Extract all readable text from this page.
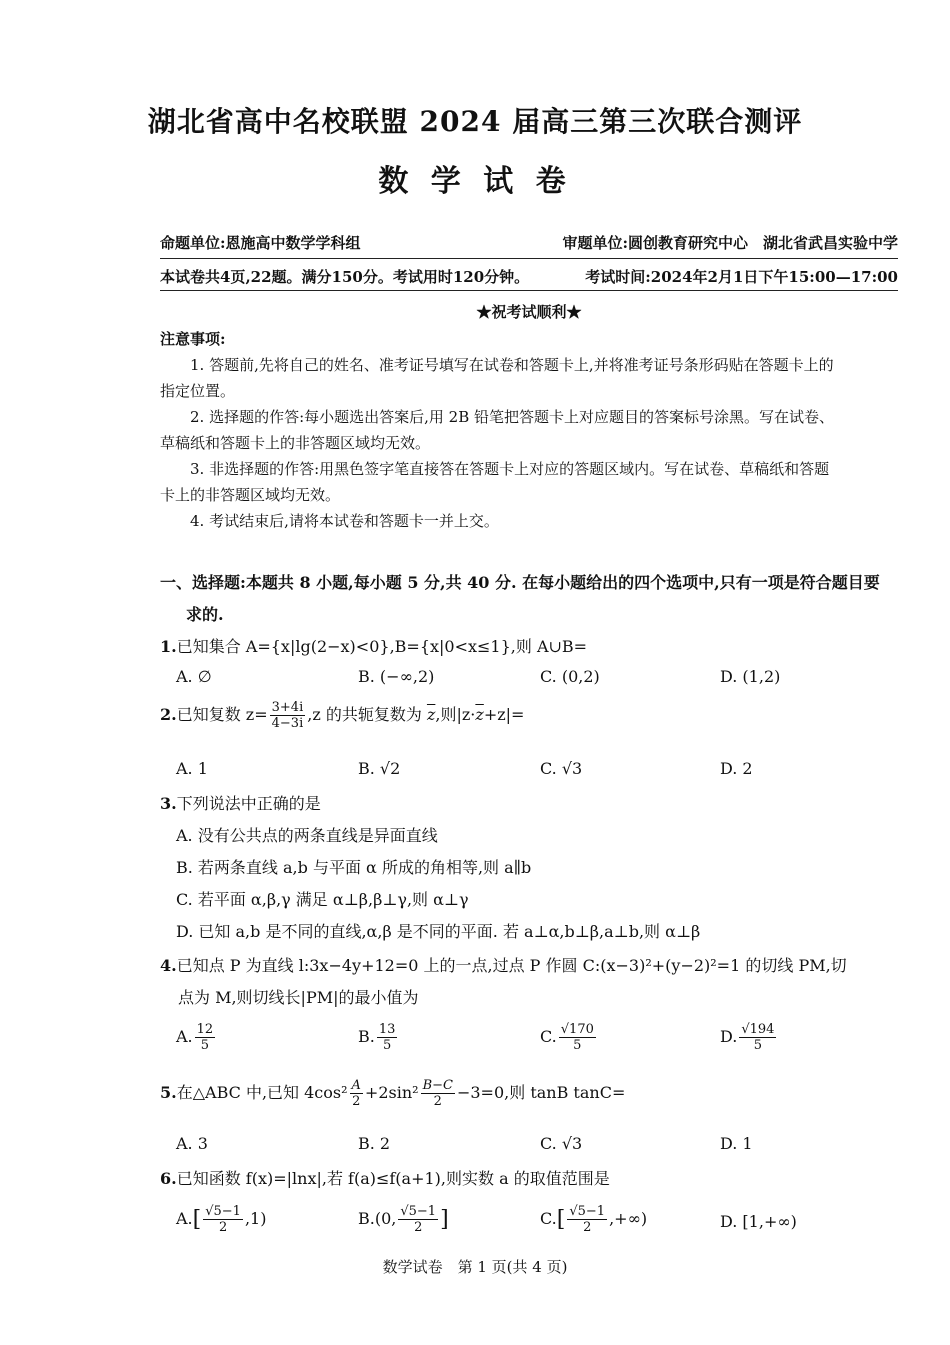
湖北省高中名校联盟 2024 届高三第三次联合测评
数 学 试 卷
命题单位:恩施高中数学学科组	审题单位:圆创教育研究中心　湖北省武昌实验中学
本试卷共4页,22题。满分150分。考试用时120分钟。	考试时间:2024年2月1日下午15:00—17:00
★祝考试顺利★
注意事项:
1. 答题前,先将自己的姓名、准考证号填写在试卷和答题卡上,并将准考证号条形码贴在答题卡上的
指定位置。
2. 选择题的作答:每小题选出答案后,用 2B 铅笔把答题卡上对应题目的答案标号涂黑。写在试卷、
草稿纸和答题卡上的非答题区域均无效。
3. 非选择题的作答:用黑色签字笔直接答在答题卡上对应的答题区域内。写在试卷、草稿纸和答题
卡上的非答题区域均无效。
4. 考试结束后,请将本试卷和答题卡一并上交。
一、选择题:本题共 8 小题,每小题 5 分,共 40 分. 在每小题给出的四个选项中,只有一项是符合题目要
求的.
1.已知集合 A={x|lg(2−x)<0},B={x|0<x≤1},则 A∪B=
A. ∅	B. (−∞,2)	C. (0,2)	D. (1,2)
2.已知复数 $z= \frac{3+4i}{4-3i} ,z$ 的共轭复数为 $\overline{z}$,则$|z\cdot\overline{z}+z|=$
A. 1	B. √2	C. √3	D. 2
3.下列说法中正确的是
A. 没有公共点的两条直线是异面直线
B. 若两条直线 a,b 与平面 α 所成的角相等,则 a∥b
C. 若平面 α,β,γ 满足 α⊥β,β⊥γ,则 α⊥γ
D. 已知 a,b 是不同的直线,α,β 是不同的平面. 若 a⊥α,b⊥β,a⊥b,则 α⊥β
4.已知点 P 为直线 l:3x−4y+12=0 上的一点,过点 P 作圆 C:(x−3)²+(y−2)²=1 的切线 PM,切
点为 M,则切线长|PM|的最小值为
A. $\frac{12}{5}$	B. $\frac{13}{5}$	C. $\frac{√170}{5}$	D. $\frac{√194}{5}$
5.在△ABC 中,已知 $4\cos^2 \frac{A}{2} +2\sin^2 \frac{B-C}{2} -3=0$,则 tanB tanC=
A. 3	B. 2	C. √3	D. 1
6.已知函数 f(x)=|lnx|,若 f(a)≤f(a+1),则实数 a 的取值范围是
$A.[ \frac{√5-1}{2} ,1)$	B.(0, $\frac{√5-1}{2}$ ]	$C.[ \frac{√5-1}{2}$ ,+∞)	D. [1,+∞)
数学试卷　第 1 页(共 4 页)
